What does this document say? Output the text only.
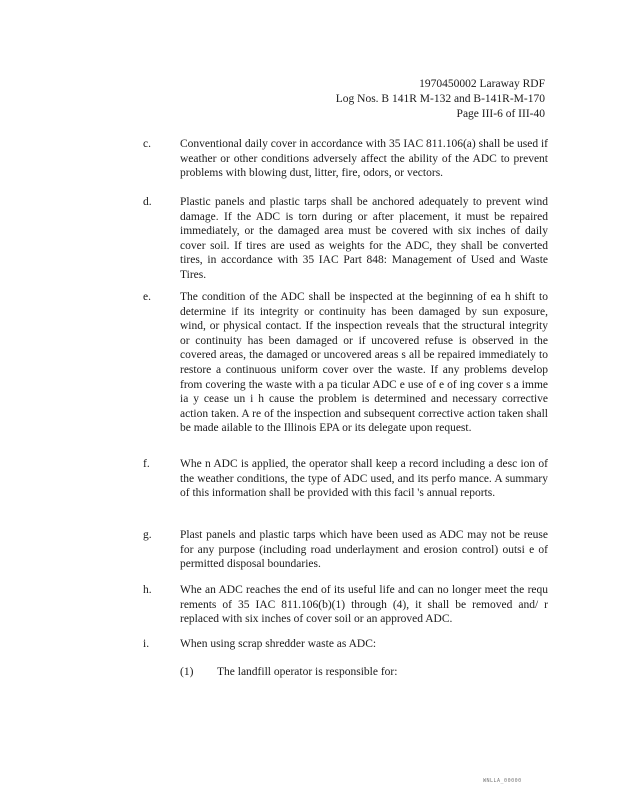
1970450002 Laraway RDF
Log Nos. B 141R M-132 and B-141R-M-170
Page III-6 of III-40
c.	Conventional daily cover in accordance with 35 IAC 811.106(a) shall be used if weather or other conditions adversely affect the ability of the ADC to prevent problems with blowing dust, litter, fire, odors, or vectors.
d. Plastic panels and plastic tarps shall be anchored adequately to prevent wind damage. If the ADC is torn during or after placement, it must be repaired immediately, or the damaged area must be covered with six inches of daily cover soil. If tires are used as weights for the ADC, they shall be converted tires, in accordance with 35 IAC Part 848: Management of Used and Waste Tires.
e.	The condition of the ADC shall be inspected at the beginning of ea h shift to determine if its integrity or continuity has been damaged by sun exposure, wind, or physical contact. If the inspection reveals that the structural integrity or continuity has been damaged or if uncovered refuse is observed in the covered areas, the damaged or uncovered areas s all be repaired immediately to restore a continuous uniform cover over the waste. If any problems develop from covering the waste with a pa ticular ADC e use of e of ing cover s a imme ia y cease un i h cause the problem is determined and necessary corrective action taken. A re of the inspection and subsequent corrective action taken shall be made ailable to the Illinois EPA or its delegate upon request.
f.	Whe n ADC is applied, the operator shall keep a record including a desc ion of the weather conditions, the type of ADC used, and its perfo mance. A summary of this information shall be provided with this facil 's annual reports.
g. Plast panels and plastic tarps which have been used as ADC may not be reuse for any purpose (including road underlayment and erosion control) outsi e of permitted disposal boundaries.
h. Whe an ADC reaches the end of its useful life and can no longer meet the requ rements of 35 IAC 811.106(b)(1) through (4), it shall be removed and/ r replaced with six inches of cover soil or an approved ADC.
i.	When using scrap shredder waste as ADC:
(1) The landfill operator is responsible for:
WNLLA_00000
